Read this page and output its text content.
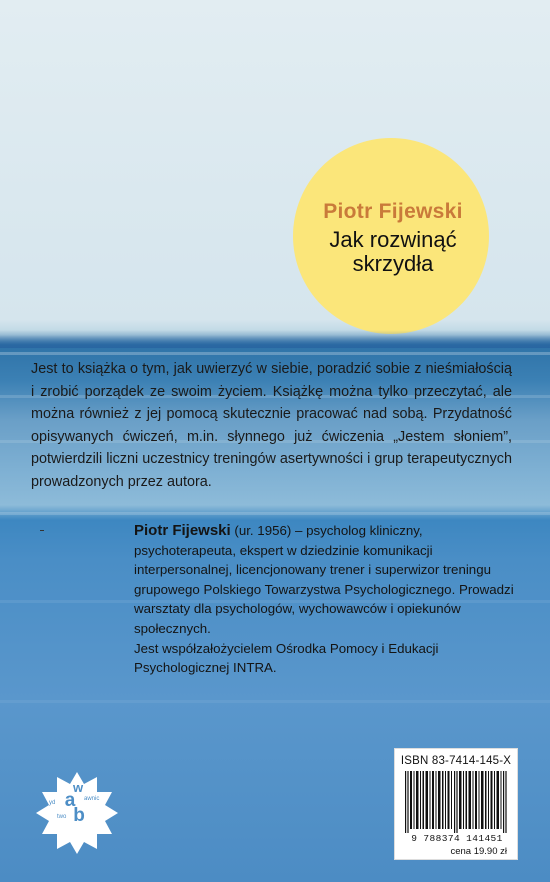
Piotr Fijewski
Jak rozwinąć
skrzydła

Jest to książka o tym, jak uwierzyć w siebie, poradzić sobie z nieśmiałością i zrobić porządek ze swoim życiem. Książkę można tylko przeczytać, ale można również z jej pomocą skutecznie pracować nad sobą. Przydatność opisywanych ćwiczeń, m.in. słynnego już ćwiczenia „Jestem słoniem”, potwierdzili liczni uczestnicy treningów asertywności i grup terapeutycznych prowadzonych przez autora.

Piotr Fijewski (ur. 1956) – psycholog kliniczny, psychoterapeuta, ekspert w dziedzinie komunikacji interpersonalnej, licencjonowany trener i superwizor treningu grupowego Polskiego Towarzystwa Psychologicznego. Prowadzi warsztaty dla psychologów, wychowawców i opiekunów społecznych.
Jest współzałożycielem Ośrodka Pomocy i Edukacji Psychologicznej INTRA.

ISBN 83-7414-145-X
9 788374 141451
cena 19.90 zł
w
a
b
yd
awnic
two
